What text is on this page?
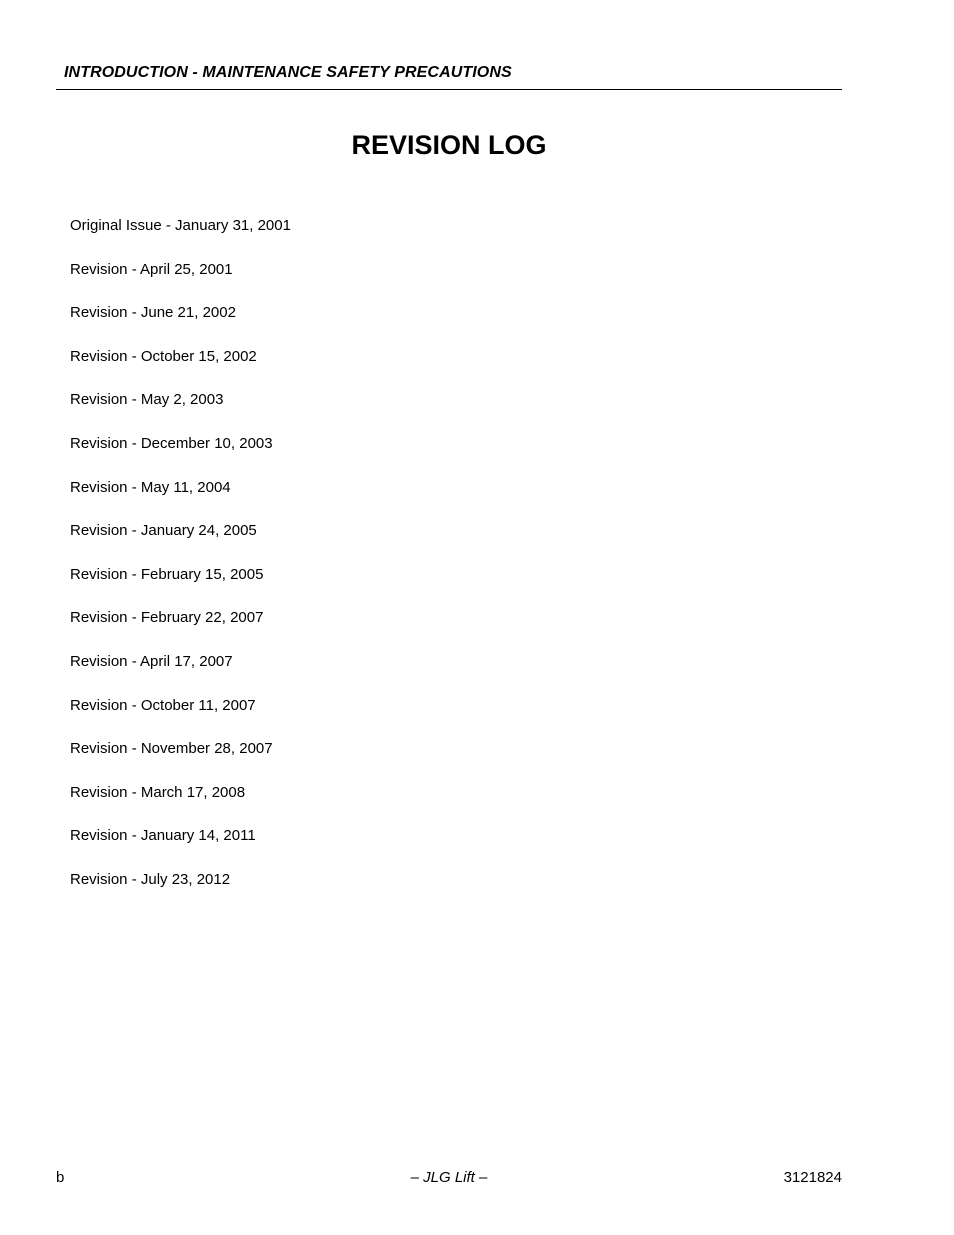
INTRODUCTION - MAINTENANCE SAFETY PRECAUTIONS
REVISION LOG
Original Issue - January 31, 2001
Revision - April 25, 2001
Revision - June 21, 2002
Revision - October 15, 2002
Revision - May 2, 2003
Revision - December 10, 2003
Revision - May 11, 2004
Revision - January 24, 2005
Revision - February 15, 2005
Revision - February 22, 2007
Revision - April 17, 2007
Revision - October 11, 2007
Revision - November 28, 2007
Revision - March 17, 2008
Revision - January 14, 2011
Revision - July 23, 2012
b	– JLG Lift –	3121824
